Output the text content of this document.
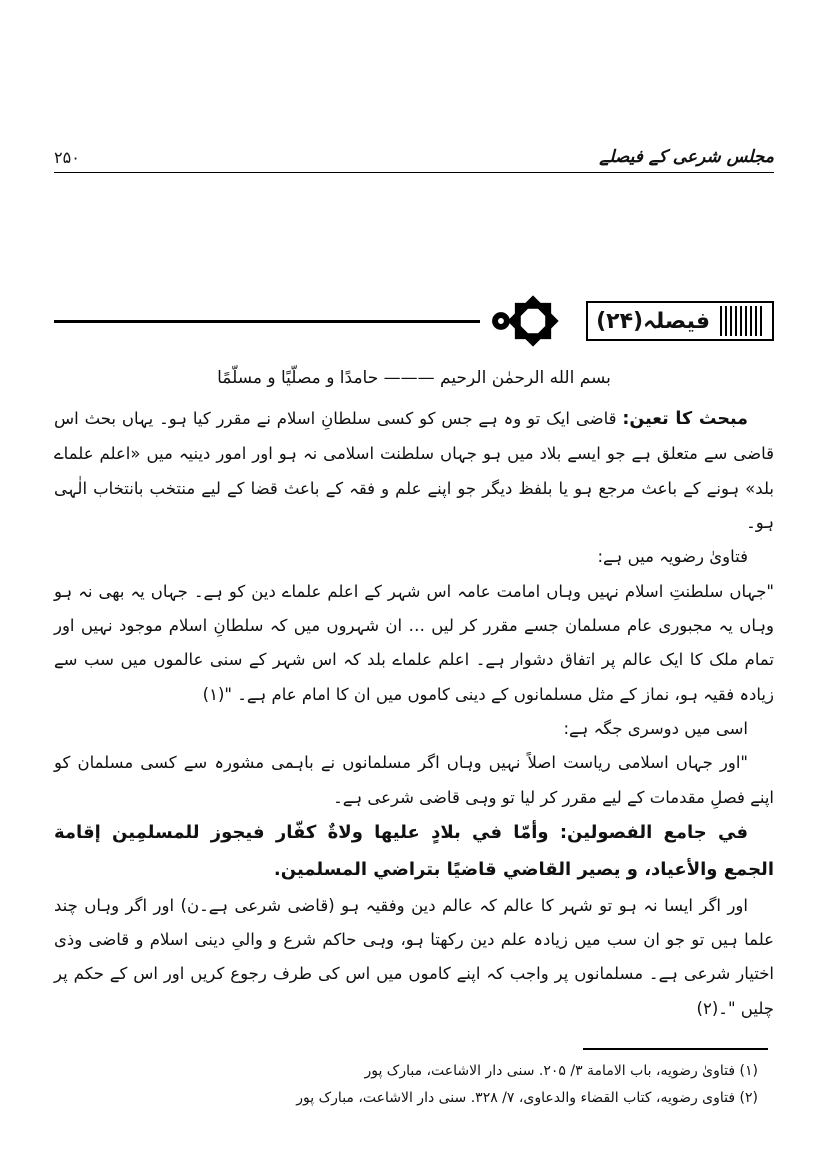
مجلس شرعی کے فیصلے
۲۵۰
فیصلہ(۲۴)

بسم الله الرحمٰن الرحيم ——— حامدًا و مصلّیًا و مسلّمًا

مبحث کا تعین: قاضی ایک تو وہ ہے جس کو کسی سلطانِ اسلام نے مقرر کیا ہو۔ یہاں بحث اس قاضی سے متعلق ہے جو ایسے بلاد میں ہو جہاں سلطنت اسلامی نہ ہو اور امور دینیہ میں «اعلم علماے بلد» ہونے کے باعث مرجع ہو یا بلفظ دیگر جو اپنے علم و فقہ کے باعث قضا کے لیے منتخب بانتخاب الٰہی ہو۔

فتاویٰ رضویہ میں ہے:

"جہاں سلطنتِ اسلام نہیں وہاں امامت عامہ اس شہر کے اعلم علماے دین کو ہے۔ جہاں یہ بھی نہ ہو وہاں یہ مجبوری عام مسلمان جسے مقرر کر لیں … ان شہروں میں کہ سلطانِ اسلام موجود نہیں اور تمام ملک کا ایک عالم پر اتفاق دشوار ہے۔ اعلم علماے بلد کہ اس شہر کے سنی عالموں میں سب سے زیادہ فقیہ ہو، نماز کے مثل مسلمانوں کے دینی کاموں میں ان کا امام عام ہے۔ "(۱)

اسی میں دوسری جگہ ہے:

"اور جہاں اسلامی ریاست اصلاً نہیں وہاں اگر مسلمانوں نے باہمی مشورہ سے کسی مسلمان کو اپنے فصلِ مقدمات کے لیے مقرر کر لیا تو وہی قاضی شرعی ہے۔

في جامع الفصولین: وأمّا في بلادٍ علیها ولاةٌ كفّار فیجوز للمسلمِین إقامة الجمع والأعیاد، و یصیر القاضي قاضیًا بتراضي المسلمین.

اور اگر ایسا نہ ہو تو شہر کا عالم کہ عالم دین وفقیہ ہو (قاضی شرعی ہے۔ن) اور اگر وہاں چند علما ہیں تو جو ان سب میں زیادہ علم دین رکھتا ہو، وہی حاکم شرع و والیِ دینی اسلام و قاضی وذی اختیار شرعی ہے۔ مسلمانوں پر واجب کہ اپنے کاموں میں اس کی طرف رجوع کریں اور اس کے حکم پر چلیں "۔(۲)

(۱) فتاویٰ رضویه، باب الامامة ۳/ ۲۰۵. سنی دار الاشاعت، مبارک پور

(۲) فتاوی رضویه، کتاب القضاء والدعاوی، ۷/ ۳۲۸. سنی دار الاشاعت، مبارک پور
